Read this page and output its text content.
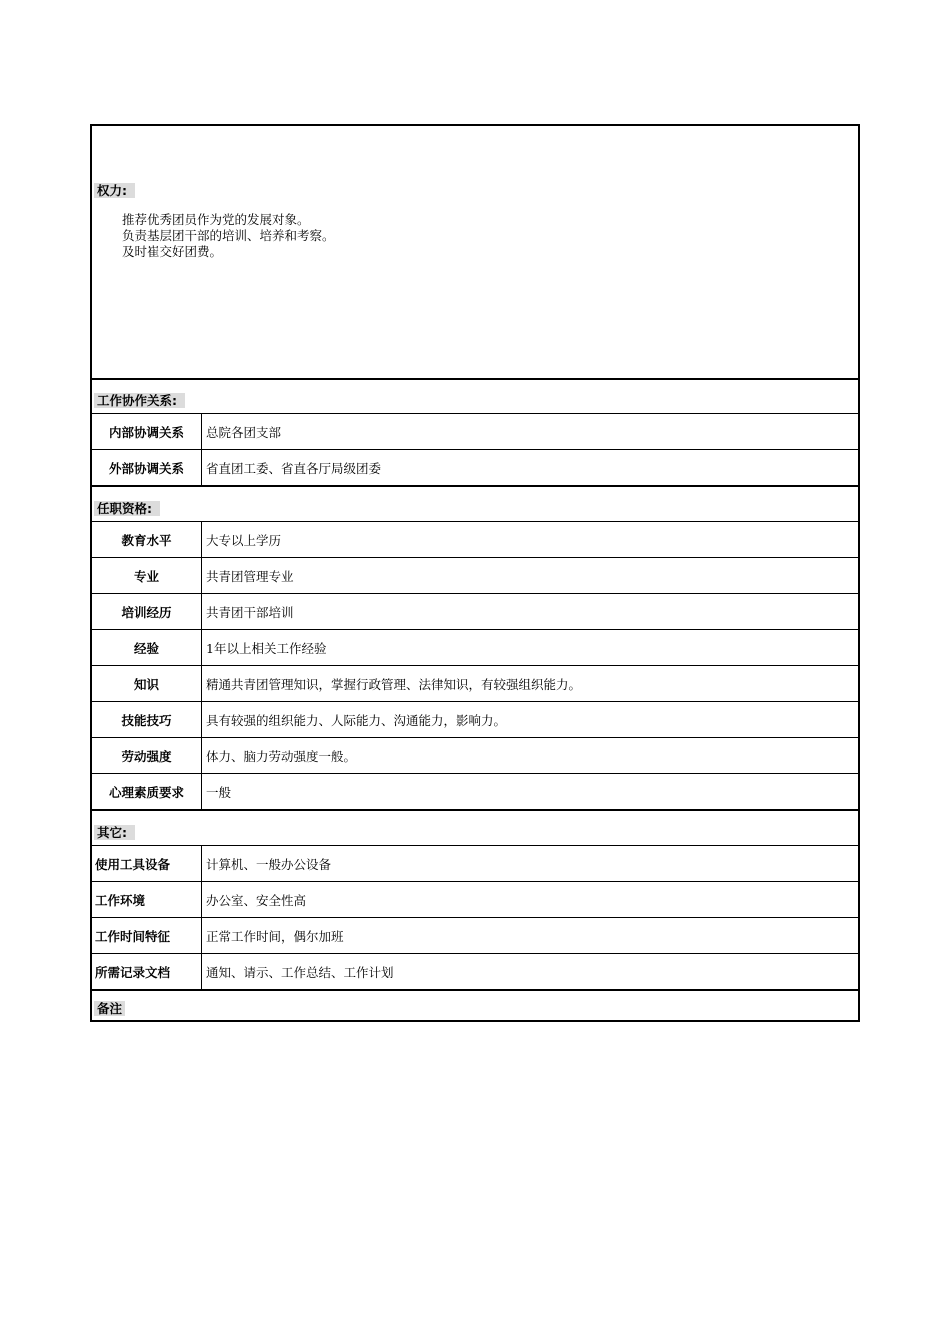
权力:
推荐优秀团员作为党的发展对象。
负责基层团干部的培训、培养和考察。
及时崔交好团费。
工作协作关系:
内部协调关系	总院各团支部
外部协调关系	省直团工委、省直各厅局级团委
任职资格:
教育水平	大专以上学历
专业	共青团管理专业
培训经历	共青团干部培训
经验	1年以上相关工作经验
知识	精通共青团管理知识，掌握行政管理、法律知识，有较强组织能力。
技能技巧	具有较强的组织能力、人际能力、沟通能力，影响力。
劳动强度	体力、脑力劳动强度一般。
心理素质要求	一般
其它:
使用工具设备	计算机、一般办公设备
工作环境	办公室、安全性高
工作时间特征	正常工作时间，偶尔加班
所需记录文档	通知、请示、工作总结、工作计划
备注
